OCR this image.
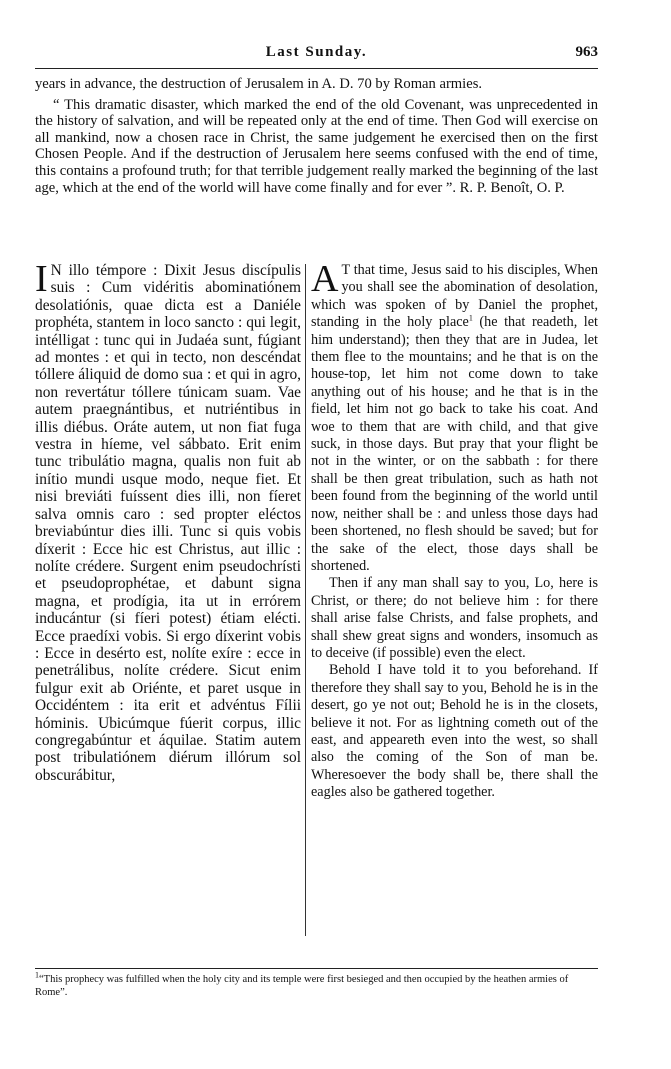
Last Sunday.	963

years in advance, the destruction of Jerusalem in A. D. 70 by Roman armies.

“ This dramatic disaster, which marked the end of the old Covenant, was unprecedented in the history of salvation, and will be repeated only at the end of time. Then God will exercise on all mankind, now a chosen race in Christ, the same judgement he exercised then on the first Chosen People. And if the destruction of Jerusalem here seems confused with the end of time, this contains a profound truth; for that terrible judgement really marked the beginning of the last age, which at the end of the world will have come finally and for ever ”. R. P. Benoît, O. P.

I N illo témpore : Dixit Jesus discípulis suis : Cum vidéritis abominatiónem desolatiónis, quae dicta est a Daniéle prophéta, stantem in loco sancto : qui legit, intélligat : tunc qui in Judaéa sunt, fúgiant ad montes : et qui in tecto, non descéndat tóllere áliquid de domo sua : et qui in agro, non revertátur tóllere túnicam suam. Vae autem praegnántibus, et nutriéntibus in illis diébus. Oráte autem, ut non fiat fuga vestra in híeme, vel sábbato. Erit enim tunc tribulátio magna, qualis non fuit ab inítio mundi usque modo, neque fiet. Et nisi breviáti fuíssent dies illi, non fíeret salva omnis caro : sed propter eléctos breviabúntur dies illi. Tunc si quis vobis díxerit : Ecce hic est Christus, aut illic : nolíte crédere. Surgent enim pseudochrísti et pseudoprophétae, et dabunt signa magna, et prodígia, ita ut in errórem inducántur (si fíeri potest) étiam elécti. Ecce praedíxi vobis. Si ergo díxerint vobis : Ecce in desérto est, nolíte exíre : ecce in penetrálibus, nolíte crédere. Sicut enim fulgur exit ab Oriénte, et paret usque in Occidéntem : ita erit et advéntus Fílii hóminis. Ubicúmque fúerit corpus, illic congregabúntur et áquilae. Statim autem post tribulatiónem diérum illórum sol obscurábitur,

A T that time, Jesus said to his disciples, When you shall see the abomination of desolation, which was spoken of by Daniel the prophet, standing in the holy place$^1$ (he that readeth, let him understand); then they that are in Judea, let them flee to the mountains; and he that is on the house-top, let him not come down to take anything out of his house; and he that is in the field, let him not go back to take his coat. And woe to them that are with child, and that give suck, in those days. But pray that your flight be not in the winter, or on the sabbath : for there shall be then great tribulation, such as hath not been found from the beginning of the world until now, neither shall be : and unless those days had been shortened, no flesh should be saved; but for the sake of the elect, those days shall be shortened.

Then if any man shall say to you, Lo, here is Christ, or there; do not believe him : for there shall arise false Christs, and false prophets, and shall shew great signs and wonders, insomuch as to deceive (if possible) even the elect.

Behold I have told it to you beforehand. If therefore they shall say to you, Behold he is in the desert, go ye not out; Behold he is in the closets, believe it not. For as lightning cometh out of the east, and appeareth even into the west, so shall also the coming of the Son of man be. Wheresoever the body shall be, there shall the eagles also be gathered together.

$^1$“This prophecy was fulfilled when the holy city and its temple were first besieged and then occupied by the heathen armies of Rome”.
